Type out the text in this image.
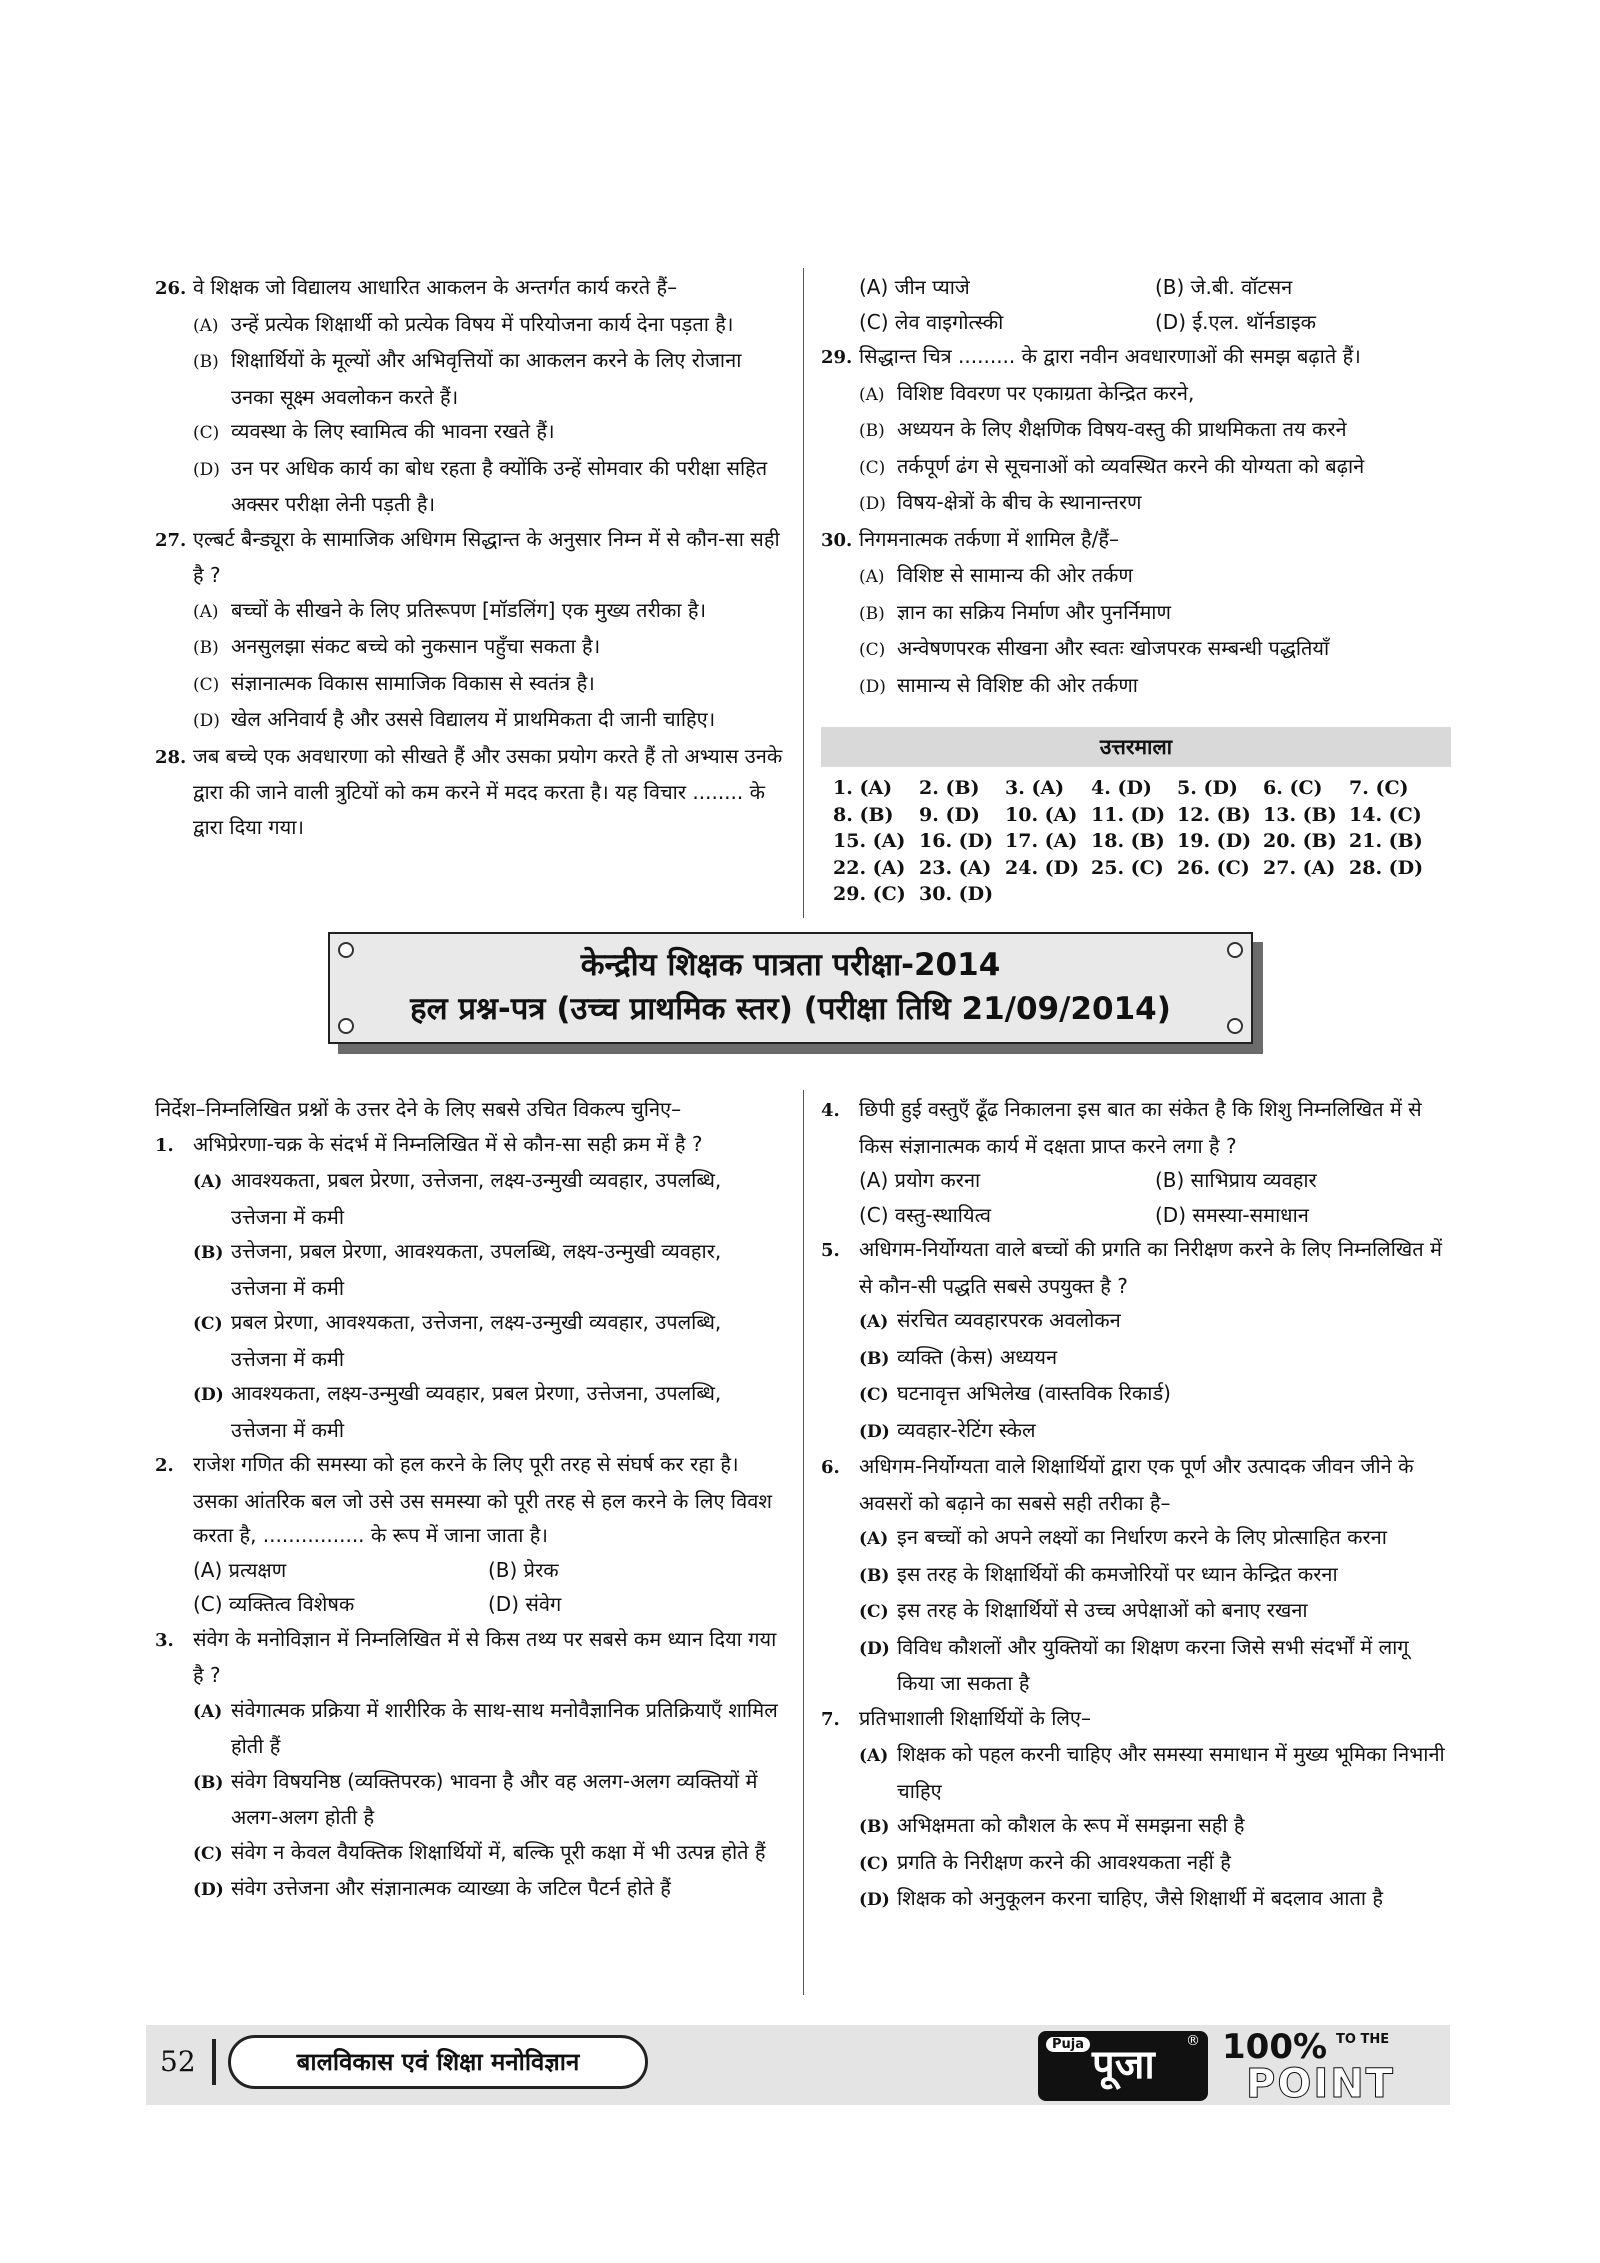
26. वे शिक्षक जो विद्यालय आधारित आकलन के अन्तर्गत कार्य करते हैं–

(A) उन्हें प्रत्येक शिक्षार्थी को प्रत्येक विषय में परियोजना कार्य देना पड़ता है।

(B) शिक्षार्थियों के मूल्यों और अभिवृत्तियों का आकलन करने के लिए रोजाना उनका सूक्ष्म अवलोकन करते हैं।

(C) व्यवस्था के लिए स्वामित्व की भावना रखते हैं।

(D) उन पर अधिक कार्य का बोध रहता है क्योंकि उन्हें सोमवार की परीक्षा सहित अक्सर परीक्षा लेनी पड़ती है।

27. एल्बर्ट बैन्ड्यूरा के सामाजिक अधिगम सिद्धान्त के अनुसार निम्न में से कौन-सा सही है ?

(A) बच्चों के सीखने के लिए प्रतिरूपण [मॉडलिंग] एक मुख्य तरीका है।

(B) अनसुलझा संकट बच्चे को नुकसान पहुँचा सकता है।

(C) संज्ञानात्मक विकास सामाजिक विकास से स्वतंत्र है।

(D) खेल अनिवार्य है और उससे विद्यालय में प्राथमिकता दी जानी चाहिए।

28. जब बच्चे एक अवधारणा को सीखते हैं और उसका प्रयोग करते हैं तो अभ्यास उनके द्वारा की जाने वाली त्रुटियों को कम करने में मदद करता है। यह विचार ........ के द्वारा दिया गया।

(A) जीन प्याजे	(B) जे.बी. वॉटसन

(C) लेव वाइगोत्स्की	(D) ई.एल. थॉर्नडाइक

29. सिद्धान्त चित्र ......... के द्वारा नवीन अवधारणाओं की समझ बढ़ाते हैं।

(A) विशिष्ट विवरण पर एकाग्रता केन्द्रित करने,

(B) अध्ययन के लिए शैक्षणिक विषय-वस्तु की प्राथमिकता तय करने

(C) तर्कपूर्ण ढंग से सूचनाओं को व्यवस्थित करने की योग्यता को बढ़ाने

(D) विषय-क्षेत्रों के बीच के स्थानान्तरण

30. निगमनात्मक तर्कणा में शामिल है/हैं–

(A) विशिष्ट से सामान्य की ओर तर्कण

(B) ज्ञान का सक्रिय निर्माण और पुनर्निमाण

(C) अन्वेषणपरक सीखना और स्वतः खोजपरक सम्बन्धी पद्धतियाँ

(D) सामान्य से विशिष्ट की ओर तर्कणा

उत्तरमाला
1. (A)	2. (B)	3. (A)	4. (D)	5. (D)	6. (C)	7. (C)
8. (B)	9. (D)	10. (A) 11. (D) 12. (B) 13. (B) 14. (C)
15. (A) 16. (D) 17. (A) 18. (B) 19. (D) 20. (B) 21. (B)
22. (A) 23. (A) 24. (D) 25. (C) 26. (C) 27. (A) 28. (D)
29. (C) 30. (D)
केन्द्रीय शिक्षक पात्रता परीक्षा-2014
हल प्रश्न-पत्र (उच्च प्राथमिक स्तर) (परीक्षा तिथि 21/09/2014)

निर्देश–निम्नलिखित प्रश्नों के उत्तर देने के लिए सबसे उचित विकल्प चुनिए–

1. अभिप्रेरणा-चक्र के संदर्भ में निम्नलिखित में से कौन-सा सही क्रम में है ?

(A) आवश्यकता, प्रबल प्रेरणा, उत्तेजना, लक्ष्य-उन्मुखी व्यवहार, उपलब्धि, उत्तेजना में कमी

(B) उत्तेजना, प्रबल प्रेरणा, आवश्यकता, उपलब्धि, लक्ष्य-उन्मुखी व्यवहार, उत्तेजना में कमी

(C) प्रबल प्रेरणा, आवश्यकता, उत्तेजना, लक्ष्य-उन्मुखी व्यवहार, उपलब्धि, उत्तेजना में कमी

(D) आवश्यकता, लक्ष्य-उन्मुखी व्यवहार, प्रबल प्रेरणा, उत्तेजना, उपलब्धि, उत्तेजना में कमी

2. राजेश गणित की समस्या को हल करने के लिए पूरी तरह से संघर्ष कर रहा है। उसका आंतरिक बल जो उसे उस समस्या को पूरी तरह से हल करने के लिए विवश करता है, ................ के रूप में जाना जाता है।

(A) प्रत्यक्षण	(B) प्रेरक

(C) व्यक्तित्व विशेषक	(D) संवेग

3. संवेग के मनोविज्ञान में निम्नलिखित में से किस तथ्य पर सबसे कम ध्यान दिया गया है ?

(A) संवेगात्मक प्रक्रिया में शारीरिक के साथ-साथ मनोवैज्ञानिक प्रतिक्रियाएँ शामिल होती हैं

(B) संवेग विषयनिष्ठ (व्यक्तिपरक) भावना है और वह अलग-अलग व्यक्तियों में अलग-अलग होती है

(C) संवेग न केवल वैयक्तिक शिक्षार्थियों में, बल्कि पूरी कक्षा में भी उत्पन्न होते हैं

(D) संवेग उत्तेजना और संज्ञानात्मक व्याख्या के जटिल पैटर्न होते हैं

4. छिपी हुई वस्तुएँ ढूँढ निकालना इस बात का संकेत है कि शिशु निम्नलिखित में से किस संज्ञानात्मक कार्य में दक्षता प्राप्त करने लगा है ?

(A) प्रयोग करना	(B) साभिप्राय व्यवहार

(C) वस्तु-स्थायित्व	(D) समस्या-समाधान

5. अधिगम-निर्योग्यता वाले बच्चों की प्रगति का निरीक्षण करने के लिए निम्नलिखित में से कौन-सी पद्धति सबसे उपयुक्त है ?

(A) संरचित व्यवहारपरक अवलोकन

(B) व्यक्ति (केस) अध्ययन

(C) घटनावृत्त अभिलेख (वास्तविक रिकार्ड)

(D) व्यवहार-रेटिंग स्केल

6. अधिगम-निर्योग्यता वाले शिक्षार्थियों द्वारा एक पूर्ण और उत्पादक जीवन जीने के अवसरों को बढ़ाने का सबसे सही तरीका है–

(A) इन बच्चों को अपने लक्ष्यों का निर्धारण करने के लिए प्रोत्साहित करना

(B) इस तरह के शिक्षार्थियों की कमजोरियों पर ध्यान केन्द्रित करना

(C) इस तरह के शिक्षार्थियों से उच्च अपेक्षाओं को बनाए रखना

(D) विविध कौशलों और युक्तियों का शिक्षण करना जिसे सभी संदर्भों में लागू किया जा सकता है

7. प्रतिभाशाली शिक्षार्थियों के लिए–

(A) शिक्षक को पहल करनी चाहिए और समस्या समाधान में मुख्य भूमिका निभानी चाहिए

(B) अभिक्षमता को कौशल के रूप में समझना सही है

(C) प्रगति के निरीक्षण करने की आवश्यकता नहीं है

(D) शिक्षक को अनुकूलन करना चाहिए, जैसे शिक्षार्थी में बदलाव आता है

52	बालविकास एवं शिक्षा मनोविज्ञान
Puja पूजा
® 100% TO THE
POINT
